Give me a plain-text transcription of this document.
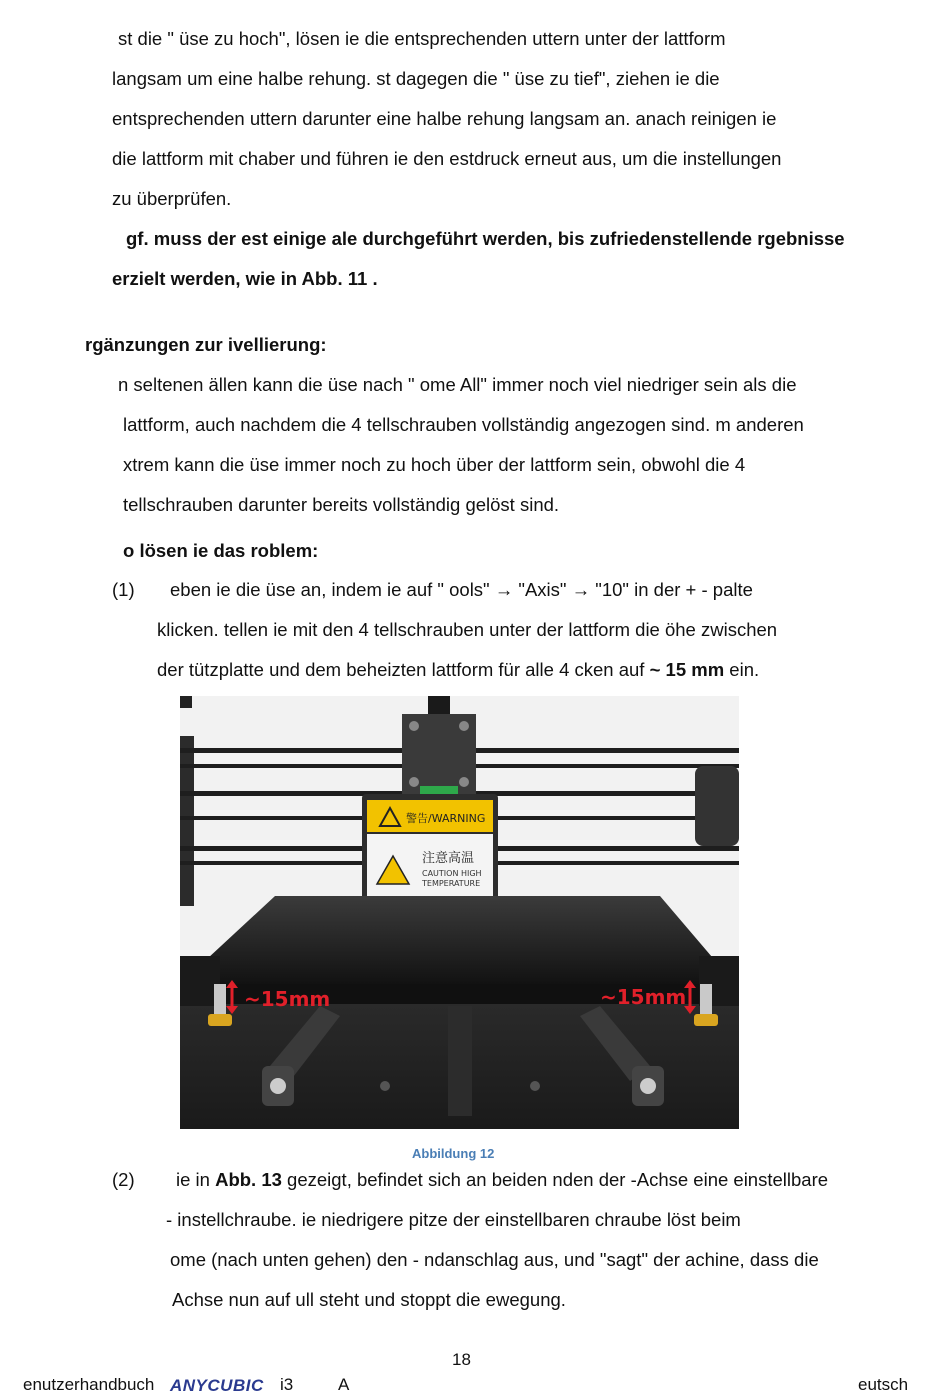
st die " üse zu hoch", lösen ie die entsprechenden uttern unter der lattform
langsam um eine halbe rehung. st dagegen die " üse zu tief", ziehen ie die
entsprechenden uttern darunter eine halbe rehung langsam an. anach reinigen ie
die lattform mit chaber und führen ie den estdruck erneut aus, um die instellungen
zu überprüfen.
gf. muss der est einige ale durchgeführt werden, bis zufriedenstellende rgebnisse
erzielt werden, wie in Abb. 11 .
rgänzungen zur ivellierung:
n seltenen ällen kann die üse nach " ome All" immer noch viel niedriger sein als die
lattform, auch nachdem die 4 tellschrauben vollständig angezogen sind. m anderen
xtrem kann die üse immer noch zu hoch über der lattform sein, obwohl die 4
tellschrauben darunter bereits vollständig gelöst sind.
o lösen ie das roblem:
(1) eben ie die üse an, indem ie auf " ools" → "Axis" → "10" in der + - palte
klicken. tellen ie mit den 4 tellschrauben unter der lattform die öhe zwischen
der tützplatte und dem beheizten lattform für alle 4 cken auf ~ 15 mm ein.
警告/WARNING
注意高温
CAUTION HIGH
TEMPERATURE
~15mm	~15mm
Abbildung 12
(2) ie in Abb. 13 gezeigt, befindet sich an beiden nden der -Achse eine einstellbare
- instellchraube. ie niedrigere pitze der einstellbaren chraube löst beim
ome (nach unten gehen) den - ndanschlag aus, und "sagt" der achine, dass die
Achse nun auf ull steht und stoppt die ewegung.
18
enutzerhandbuch ANYCUBIC i3	A	eutsch
